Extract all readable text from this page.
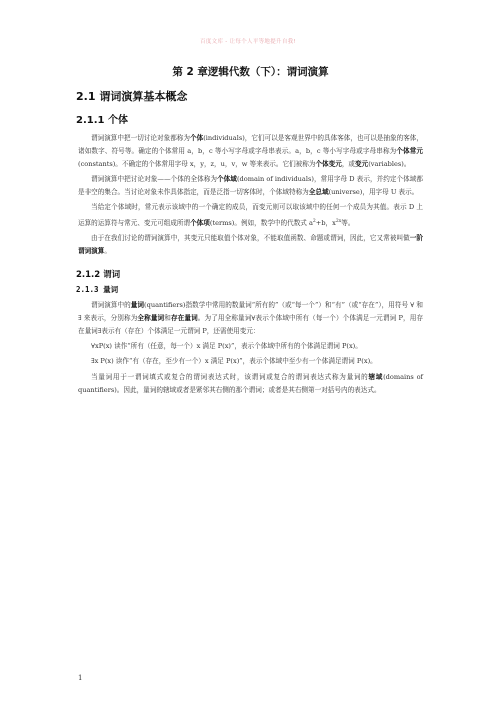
百度文库 - 让每个人平等地提升自我!
第 2 章逻辑代数（下）：谓词演算
2.1 谓词演算基本概念
2.1.1 个体

谓词演算中把一切讨论对象都称为个体(individuals)，它们可以是客观世界中的具体客体，也可以是抽象的客体，诸如数字、符号等。确定的个体常用 a，b，c 等小写字母或字母串表示。a，b，c 等小写字母或字母串称为个体常元(constants)。不确定的个体常用字母 x，y，z，u，v，w 等来表示。它们被称为个体变元，或变元(variables)。

谓词演算中把讨论对象——个体的全体称为个体域(domain of individuals)，常用字母 D 表示，并约定个体域都是非空的集合。当讨论对象未作具体指定，而是泛指一切客体时，个体域特称为全总域(universe)，用字母 U 表示。

当给定个体域时，常元表示该域中的一个确定的成员，而变元则可以取该域中的任何一个成员为其值。表示 D 上运算的运算符与常元、变元可组成所谓个体项(terms)。例如，数学中的代数式 $a^2+b$，$x^{2x}$等。

由于在我们讨论的谓词演算中，其变元只能取值个体对象，不能取值函数、命题或谓词，因此，它又常被叫做一阶谓词演算。

2.1.2 谓词
2.1.3 量词

谓词演算中的量词(quantifiers)指数学中常用的数量词“所有的”（或“每一个”）和“有”（或“存在”），用符号 ∀ 和 ∃ 来表示，分别称为全称量词和存在量词。为了用全称量词∀表示个体域中所有（每一个）个体满足一元谓词 P，用存在量词∃表示有（存在）个体满足一元谓词 P，还需使用变元：

∀xP(x) 读作“所有（任意，每一个）x 满足 P(x)”，表示个体域中所有的个体满足谓词 P(x)。

∃x P(x) 读作“有（存在，至少有一个）x 满足 P(x)”，表示个体域中至少有一个体满足谓词 P(x)。

当量词用于一谓词填式或复合的谓词表达式时，该谓词或复合的谓词表达式称为量词的辖域(domains of quantifiers)。因此，量词的辖域或者是紧邻其右侧的那个谓词；或者是其右侧第一对括号内的表达式。

1
